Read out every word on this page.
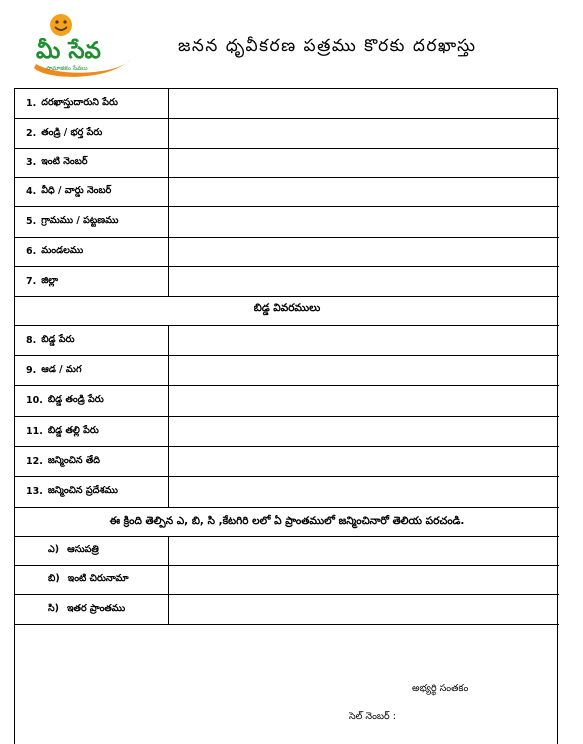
మీ సేవ
సామాజికం సేవలు
జనన ధృవీకరణ పత్రము కొరకు దరఖాస్తు
1. దరఖాస్తుదారుని పేరు
2. తండ్రి / భర్త పేరు
3. ఇంటి నెంబర్
4. వీధి / వార్డు నెంబర్
5. గ్రామము / పట్టణము
6. మండలము
7. జిల్లా
బిడ్డ వివరములు
8. బిడ్డ పేరు
9. ఆడ / మగ
10. బిడ్డ తండ్రి పేరు
11. బిడ్డ తల్లి పేరు
12. జన్మించిన తేది
13. జన్మించిన ప్రదేశము
ఈ క్రింది తెల్పిన ఎ, బి, సి ,కేటగిరి లలో ఏ ప్రాంతములో జన్మించినారో తెలియ పరచండి.
ఎ) ఆసుపత్రి
బి) ఇంటి చిరునామా
సి) ఇతర ప్రాంతము
అభ్యర్థి సంతకం
సెల్ నెంబర్ :
